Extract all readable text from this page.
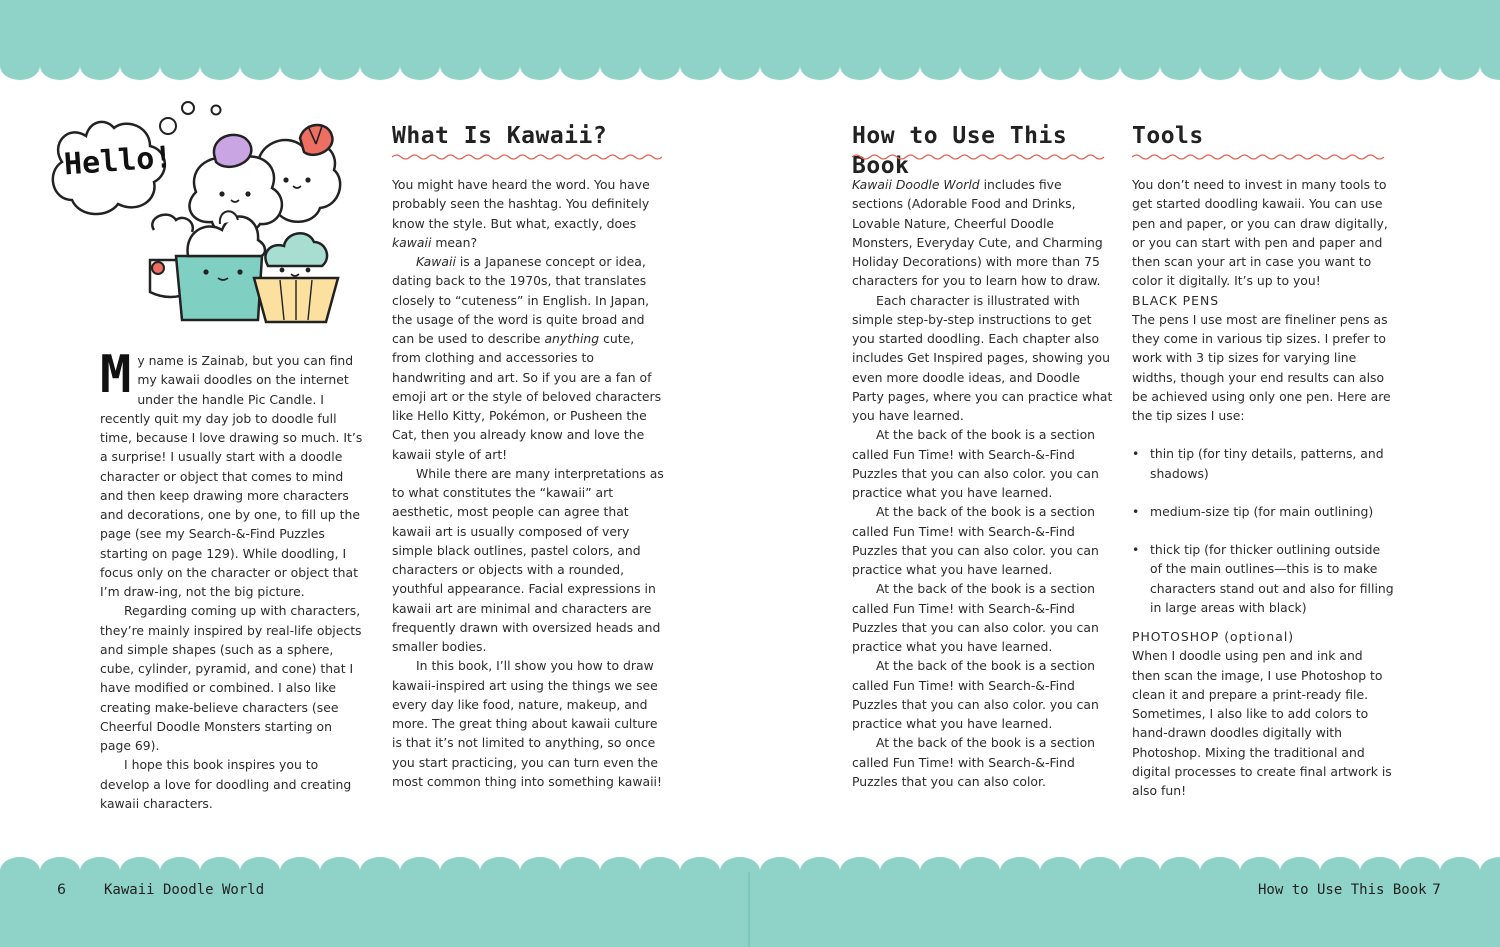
Hello!

M y name is Zainab, but you can find my kawaii doodles on the internet under the handle Pic Candle. I recently quit my day job to doodle full time, because I love drawing so much. It’s a surprise! I usually start with a doodle character or object that comes to mind and then keep drawing more characters and decorations, one by one, to fill up the page (see my Search-&-Find Puzzles starting on page 129). While doodling, I focus only on the character or object that I’m draw-ing, not the big picture.

Regarding coming up with characters, they’re mainly inspired by real-life objects and simple shapes (such as a sphere, cube, cylinder, pyramid, and cone) that I have modified or combined. I also like creating make-believe characters (see Cheerful Doodle Monsters starting on page 69).

I hope this book inspires you to develop a love for doodling and creating kawaii characters.

What Is Kawaii?

You might have heard the word. You have probably seen the hashtag. You definitely know the style. But what, exactly, does kawaii mean?

Kawaii is a Japanese concept or idea, dating back to the 1970s, that translates closely to “cuteness” in English. In Japan, the usage of the word is quite broad and can be used to describe anything cute, from clothing and accessories to handwriting and art. So if you are a fan of emoji art or the style of beloved characters like Hello Kitty, Pokémon, or Pusheen the Cat, then you already know and love the kawaii style of art!

While there are many interpretations as to what constitutes the “kawaii” art aesthetic, most people can agree that kawaii art is usually composed of very simple black outlines, pastel colors, and characters or objects with a rounded, youthful appearance. Facial expressions in kawaii art are minimal and characters are frequently drawn with oversized heads and smaller bodies.

In this book, I’ll show you how to draw kawaii-inspired art using the things we see every day like food, nature, makeup, and more. The great thing about kawaii culture is that it’s not limited to anything, so once you start practicing, you can turn even the most common thing into something kawaii!

How to Use This Book

Kawaii Doodle World includes five sections (Adorable Food and Drinks, Lovable Nature, Cheerful Doodle Monsters, Everyday Cute, and Charming Holiday Decorations) with more than 75 characters for you to learn how to draw.

Each character is illustrated with simple step-by-step instructions to get you started doodling. Each chapter also includes Get Inspired pages, showing you even more doodle ideas, and Doodle Party pages, where you can practice what you have learned.

At the back of the book is a section called Fun Time! with Search-&-Find Puzzles that you can also color. you can practice what you have learned.

At the back of the book is a section called Fun Time! with Search-&-Find Puzzles that you can also color. you can practice what you have learned.

At the back of the book is a section called Fun Time! with Search-&-Find Puzzles that you can also color. you can practice what you have learned.

At the back of the book is a section called Fun Time! with Search-&-Find Puzzles that you can also color. you can practice what you have learned.

At the back of the book is a section called Fun Time! with Search-&-Find Puzzles that you can also color.

Tools

You don’t need to invest in many tools to get started doodling kawaii. You can use pen and paper, or you can draw digitally, or you can start with pen and paper and then scan your art in case you want to color it digitally. It’s up to you!

BLACK PENS

The pens I use most are fineliner pens as they come in various tip sizes. I prefer to work with 3 tip sizes for varying line widths, though your end results can also be achieved using only one pen. Here are the tip sizes I use:

• thin tip (for tiny details, patterns, and shadows)
• medium-size tip (for main outlining)
• thick tip (for thicker outlining outside of the main outlines—this is to make characters stand out and also for filling in large areas with black)

PHOTOSHOP (optional)

When I doodle using pen and ink and then scan the image, I use Photoshop to clean it and prepare a print-ready file. Sometimes, I also like to add colors to hand-drawn doodles digitally with Photoshop. Mixing the traditional and digital processes to create final artwork is also fun!

6	Kawaii Doodle World	How to Use This Book 7
